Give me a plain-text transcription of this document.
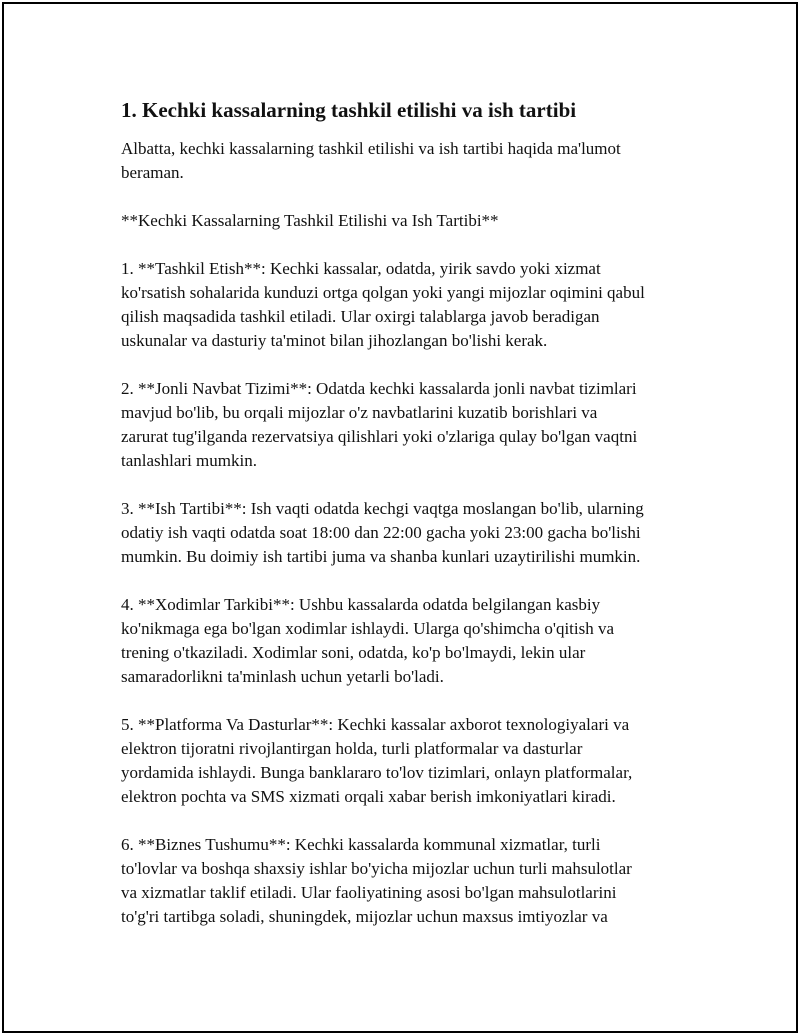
1. Kechki kassalarning tashkil etilishi va ish tartibi

Albatta, kechki kassalarning tashkil etilishi va ish tartibi haqida ma'lumot
beraman.

**Kechki Kassalarning Tashkil Etilishi va Ish Tartibi**

1. **Tashkil Etish**: Kechki kassalar, odatda, yirik savdo yoki xizmat
ko'rsatish sohalarida kunduzi ortga qolgan yoki yangi mijozlar oqimini qabul
qilish maqsadida tashkil etiladi. Ular oxirgi talablarga javob beradigan
uskunalar va dasturiy ta'minot bilan jihozlangan bo'lishi kerak.

2. **Jonli Navbat Tizimi**: Odatda kechki kassalarda jonli navbat tizimlari
mavjud bo'lib, bu orqali mijozlar o'z navbatlarini kuzatib borishlari va
zarurat tug'ilganda rezervatsiya qilishlari yoki o'zlariga qulay bo'lgan vaqtni
tanlashlari mumkin.

3. **Ish Tartibi**: Ish vaqti odatda kechgi vaqtga moslangan bo'lib, ularning
odatiy ish vaqti odatda soat 18:00 dan 22:00 gacha yoki 23:00 gacha bo'lishi
mumkin. Bu doimiy ish tartibi juma va shanba kunlari uzaytirilishi mumkin.

4. **Xodimlar Tarkibi**: Ushbu kassalarda odatda belgilangan kasbiy
ko'nikmaga ega bo'lgan xodimlar ishlaydi. Ularga qo'shimcha o'qitish va
trening o'tkaziladi. Xodimlar soni, odatda, ko'p bo'lmaydi, lekin ular
samaradorlikni ta'minlash uchun yetarli bo'ladi.

5. **Platforma Va Dasturlar**: Kechki kassalar axborot texnologiyalari va
elektron tijoratni rivojlantirgan holda, turli platformalar va dasturlar
yordamida ishlaydi. Bunga banklararo to'lov tizimlari, onlayn platformalar,
elektron pochta va SMS xizmati orqali xabar berish imkoniyatlari kiradi.

6. **Biznes Tushumu**: Kechki kassalarda kommunal xizmatlar, turli
to'lovlar va boshqa shaxsiy ishlar bo'yicha mijozlar uchun turli mahsulotlar
va xizmatlar taklif etiladi. Ular faoliyatining asosi bo'lgan mahsulotlarini
to'g'ri tartibga soladi, shuningdek, mijozlar uchun maxsus imtiyozlar va
